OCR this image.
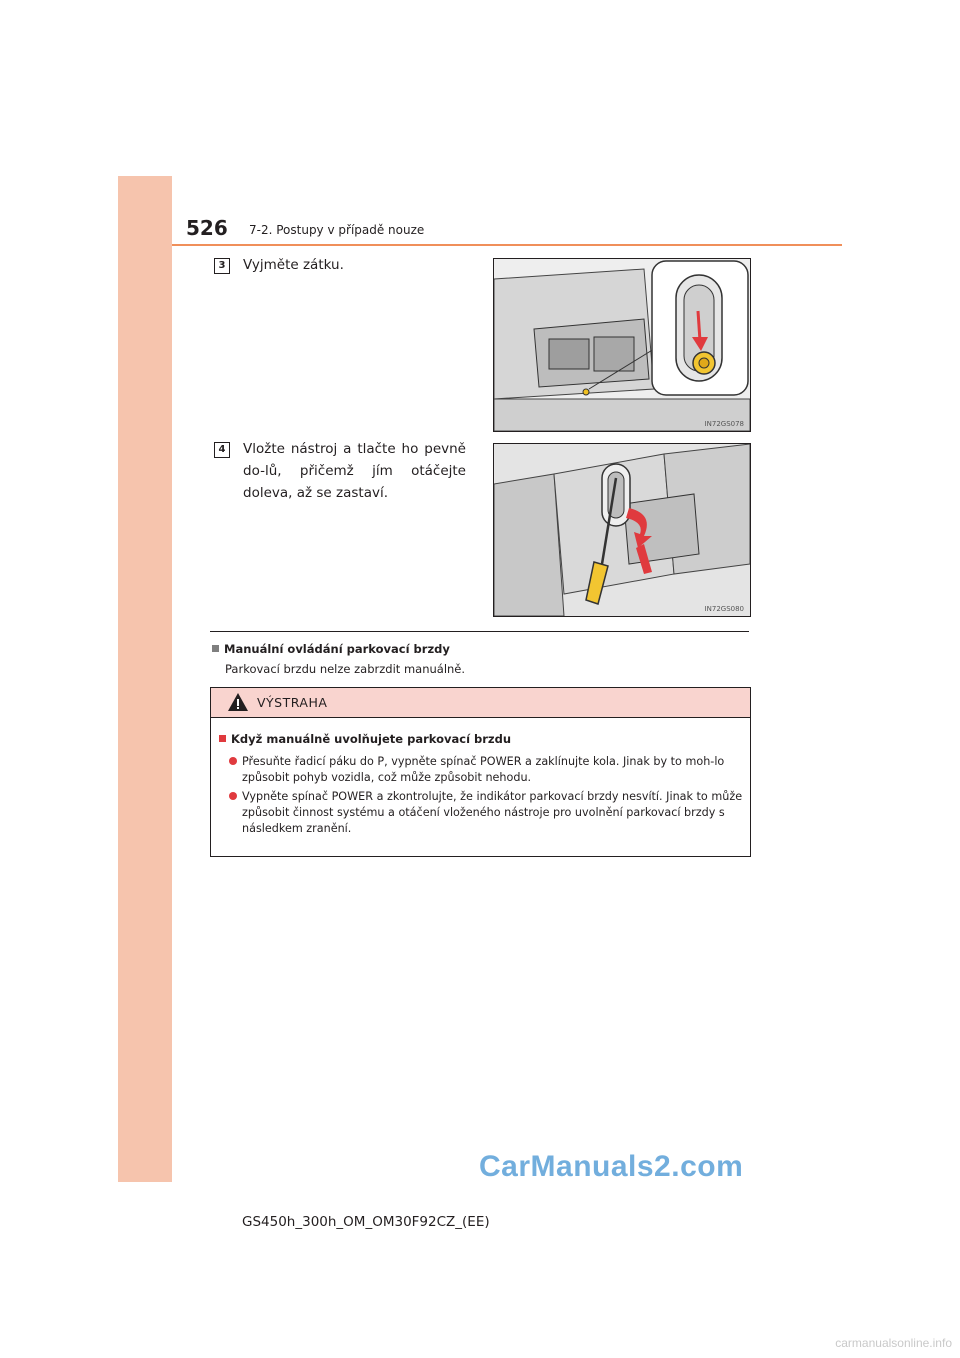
526 7-2. Postupy v případě nouze
3	Vyjměte zátku.
IN72GS078
4	Vložte nástroj a tlačte ho pevně do-lů, přičemž jím otáčejte doleva, až se zastaví.
IN72GS080
Manuální ovládání parkovací brzdy
Parkovací brzdu nelze zabrzdit manuálně.
VÝSTRAHA
Když manuálně uvolňujete parkovací brzdu
Přesuňte řadicí páku do P, vypněte spínač POWER a zaklínujte kola. Jinak by to moh-lo způsobit pohyb vozidla, což může způsobit nehodu.
Vypněte spínač POWER a zkontrolujte, že indikátor parkovací brzdy nesvítí. Jinak to může způsobit činnost systému a otáčení vloženého nástroje pro uvolnění parkovací brzdy s následkem zranění.
CarManuals2.com
GS450h_300h_OM_OM30F92CZ_(EE)
carmanualsonline.info
